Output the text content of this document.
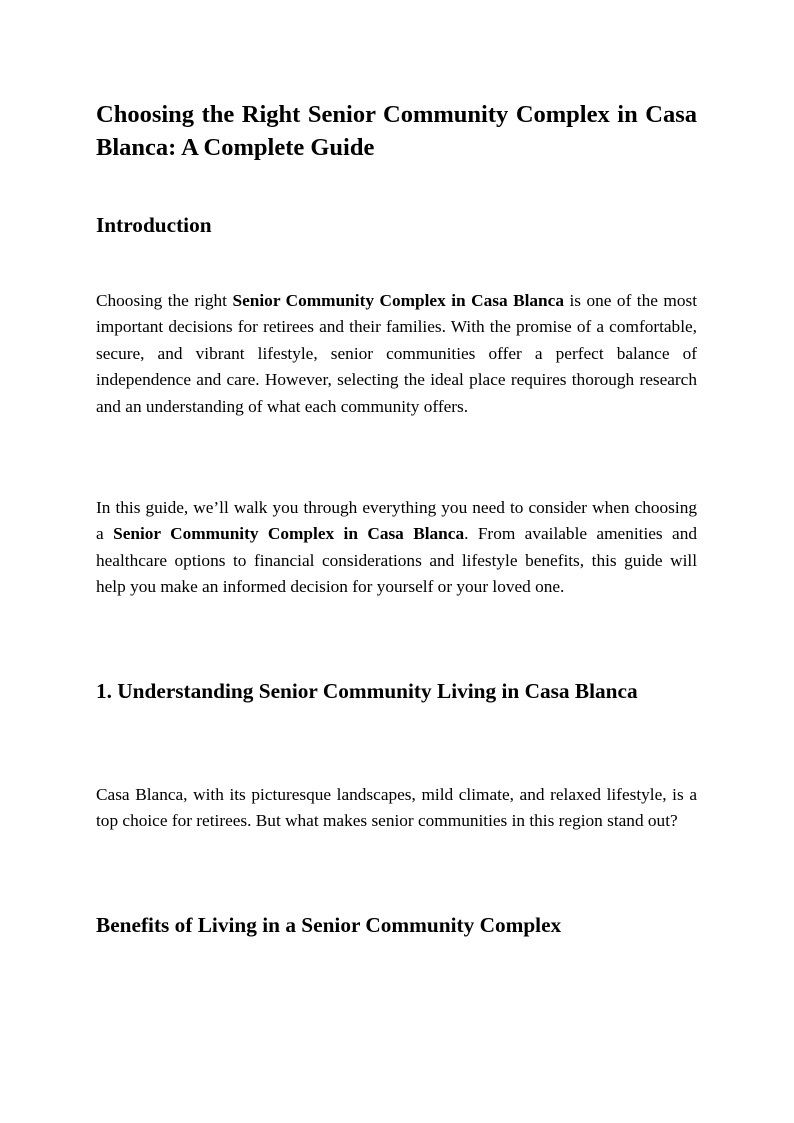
Choosing the Right Senior Community Complex in Casa Blanca: A Complete Guide
Introduction

Choosing the right Senior Community Complex in Casa Blanca is one of the most important decisions for retirees and their families. With the promise of a comfortable, secure, and vibrant lifestyle, senior communities offer a perfect balance of independence and care. However, selecting the ideal place requires thorough research and an understanding of what each community offers.

In this guide, we’ll walk you through everything you need to consider when choosing a Senior Community Complex in Casa Blanca. From available amenities and healthcare options to financial considerations and lifestyle benefits, this guide will help you make an informed decision for yourself or your loved one.

1. Understanding Senior Community Living in Casa Blanca

Casa Blanca, with its picturesque landscapes, mild climate, and relaxed lifestyle, is a top choice for retirees. But what makes senior communities in this region stand out?

Benefits of Living in a Senior Community Complex
